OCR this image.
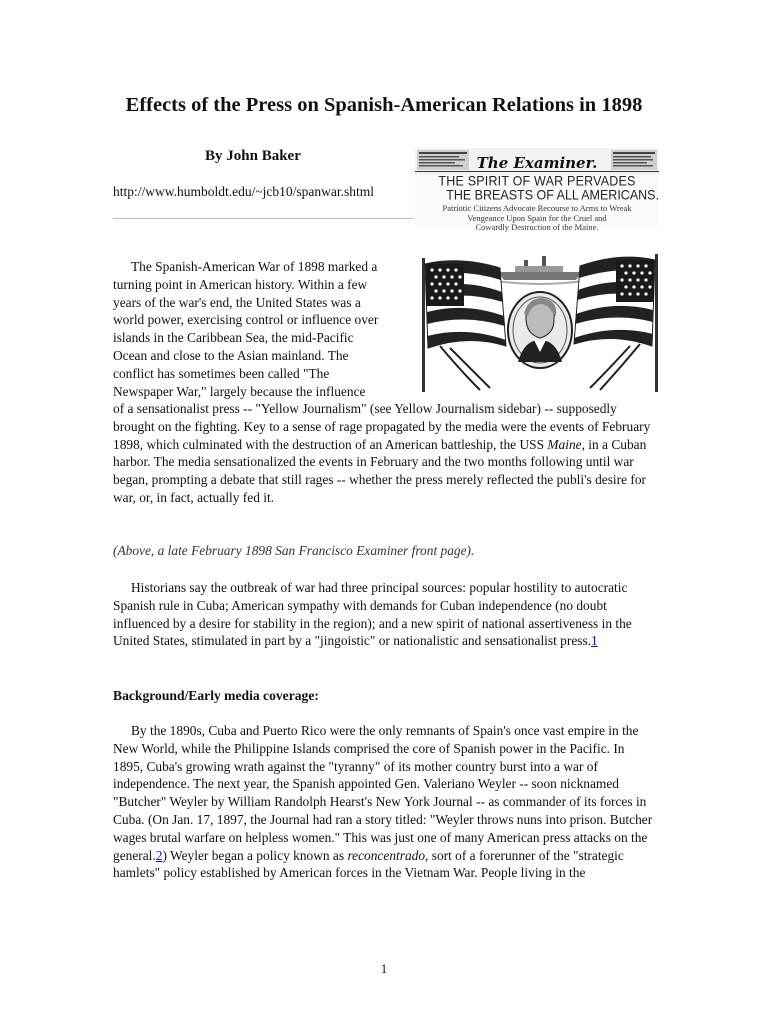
Effects of the Press on Spanish-American Relations in 1898
By John Baker
http://www.humboldt.edu/~jcb10/spanwar.shtml
The Examiner.
THE SPIRIT OF WAR PERVADES
THE BREASTS OF ALL AMERICANS.
Patriotic Citizens Advocate Recourse to Arms to Wreak
Vengeance Upon Spain for the Cruel and
Cowardly Destruction of the Maine.

The Spanish-American War of 1898 marked a

turning point in American history. Within a few

years of the war's end, the United States was a

world power, exercising control or influence over

islands in the Caribbean Sea, the mid-Pacific

Ocean and close to the Asian mainland. The

conflict has sometimes been called "The

Newspaper War," largely because the influence

of a sensationalist press -- "Yellow Journalism" (see Yellow Journalism sidebar) -- supposedly brought on the fighting. Key to a sense of rage propagated by the media were the events of February 1898, which culminated with the destruction of an American battleship, the USS Maine, in a Cuban harbor. The media sensationalized the events in February and the two months following until war began, prompting a debate that still rages -- whether the press merely reflected the publi's desire for war, or, in fact, actually fed it.

(Above, a late February 1898 San Francisco Examiner front page).

Historians say the outbreak of war had three principal sources: popular hostility to autocratic Spanish rule in Cuba; American sympathy with demands for Cuban independence (no doubt influenced by a desire for stability in the region); and a new spirit of national assertiveness in the United States, stimulated in part by a "jingoistic" or nationalistic and sensationalist press.1

Background/Early media coverage:

By the 1890s, Cuba and Puerto Rico were the only remnants of Spain's once vast empire in the New World, while the Philippine Islands comprised the core of Spanish power in the Pacific. In 1895, Cuba's growing wrath against the "tyranny" of its mother country burst into a war of independence. The next year, the Spanish appointed Gen. Valeriano Weyler -- soon nicknamed "Butcher" Weyler by William Randolph Hearst's New York Journal -- as commander of its forces in Cuba. (On Jan. 17, 1897, the Journal had ran a story titled: "Weyler throws nuns into prison. Butcher wages brutal warfare on helpless women." This was just one of many American press attacks on the general.2) Weyler began a policy known as reconcentrado, sort of a forerunner of the "strategic hamlets" policy established by American forces in the Vietnam War. People living in the

1
